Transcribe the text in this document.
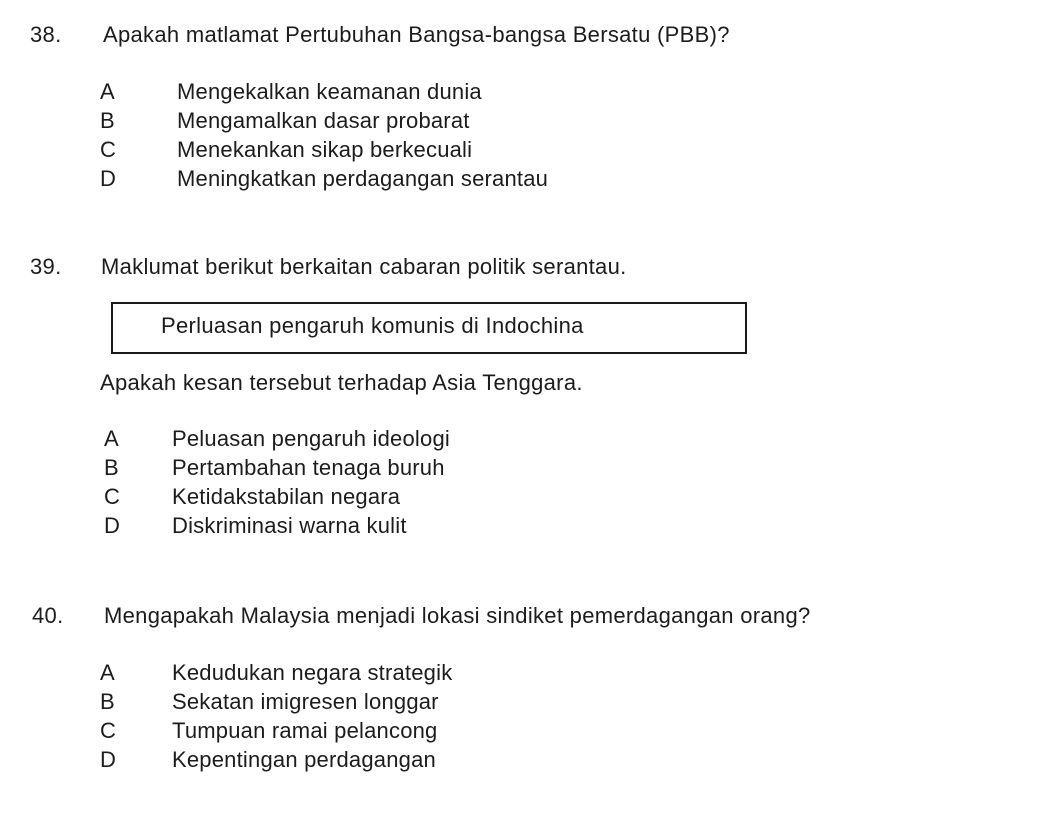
38. Apakah matlamat Pertubuhan Bangsa-bangsa Bersatu (PBB)?
A	Mengekalkan keamanan dunia
B	Mengamalkan dasar probarat
C	Menekankan sikap berkecuali
D	Meningkatkan perdagangan serantau
39. Maklumat berikut berkaitan cabaran politik serantau.
Perluasan pengaruh komunis di Indochina
Apakah kesan tersebut terhadap Asia Tenggara.
A Peluasan pengaruh ideologi
B Pertambahan tenaga buruh
C Ketidakstabilan negara
D Diskriminasi warna kulit
40. Mengapakah Malaysia menjadi lokasi sindiket pemerdagangan orang?
A	Kedudukan negara strategik
B	Sekatan imigresen longgar
C	Tumpuan ramai pelancong
D	Kepentingan perdagangan
